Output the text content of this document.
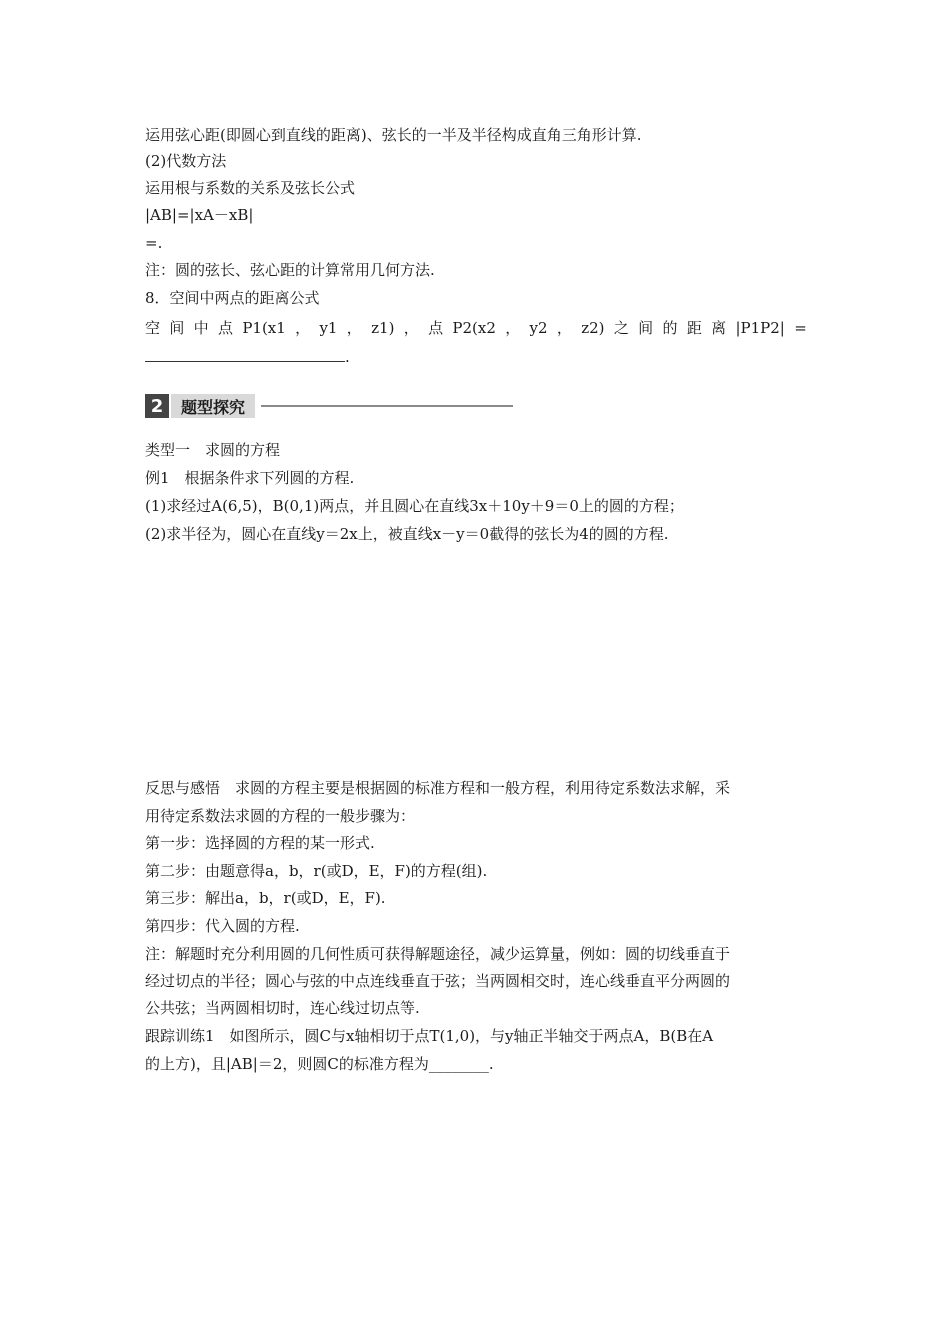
运用弦心距(即圆心到直线的距离)、弦长的一半及半径构成直角三角形计算.
(2)代数方法
运用根与系数的关系及弦长公式
|AB|=|xA－xB|
=.
注：圆的弦长、弦心距的计算常用几何方法.
8．空间中两点的距离公式
空 间 中 点 P1(x1 ， y1 ， z1) ， 点 P2(x2 ， y2 ， z2) 之 间 的 距 离 |P1P2| =
.
2	题型探究
类型一　求圆的方程
例1　根据条件求下列圆的方程.
(1)求经过A(6,5)，B(0,1)两点，并且圆心在直线3x＋10y＋9＝0上的圆的方程；
(2)求半径为，圆心在直线y＝2x上，被直线x－y＝0截得的弦长为4的圆的方程.
反思与感悟　求圆的方程主要是根据圆的标准方程和一般方程，利用待定系数法求解，采
用待定系数法求圆的方程的一般步骤为：
第一步：选择圆的方程的某一形式.
第二步：由题意得a，b，r(或D，E，F)的方程(组).
第三步：解出a，b，r(或D，E，F).
第四步：代入圆的方程.
注：解题时充分利用圆的几何性质可获得解题途径，减少运算量，例如：圆的切线垂直于
经过切点的半径；圆心与弦的中点连线垂直于弦；当两圆相交时，连心线垂直平分两圆的
公共弦；当两圆相切时，连心线过切点等.
跟踪训练1　如图所示，圆C与x轴相切于点T(1,0)，与y轴正半轴交于两点A，B(B在A
的上方)，且|AB|＝2，则圆C的标准方程为________.
